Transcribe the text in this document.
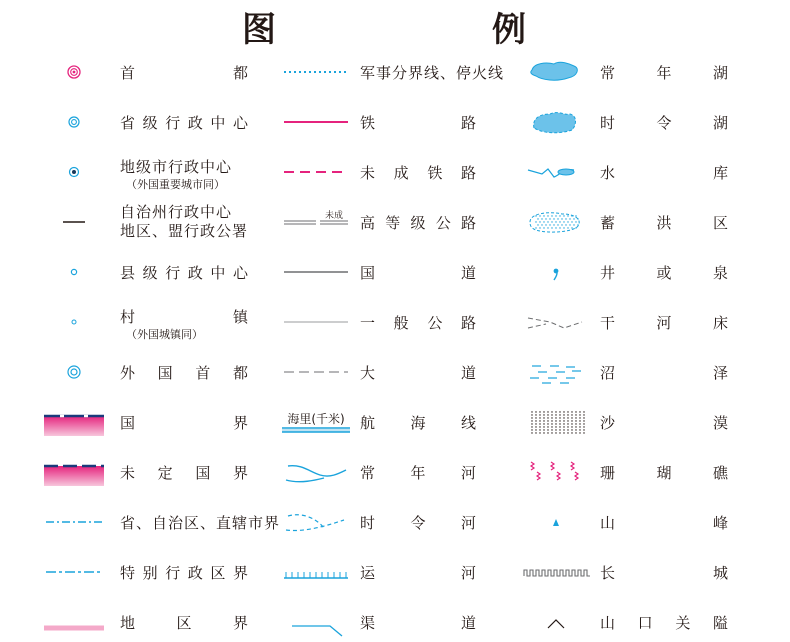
图	例
首	都
省 级 行 政 中 心
地级市行政中心
（外国重要城市同）
自治州行政中心
地区、盟行政公署
县 级 行 政 中 心
村	镇
（外国城镇同）
外 国 首 都
国	界
未 定 国 界
省、自治区、直辖市界
特 别 行 政 区 界
地	区	界
军事分界线、停火线
铁	路
未 成 铁 路
未成 高 等 级 公 路
国	道
一 般 公 路
大	道
海里(千米) 航 海 线
常 年 河
时 令 河
运	河
渠	道
常	年	湖
时	令	湖
水	库
蓄	洪	区
井	或	泉
干	河	床
沼	泽
沙	漠
珊	瑚	礁
山	峰
长	城
山 口 关 隘
